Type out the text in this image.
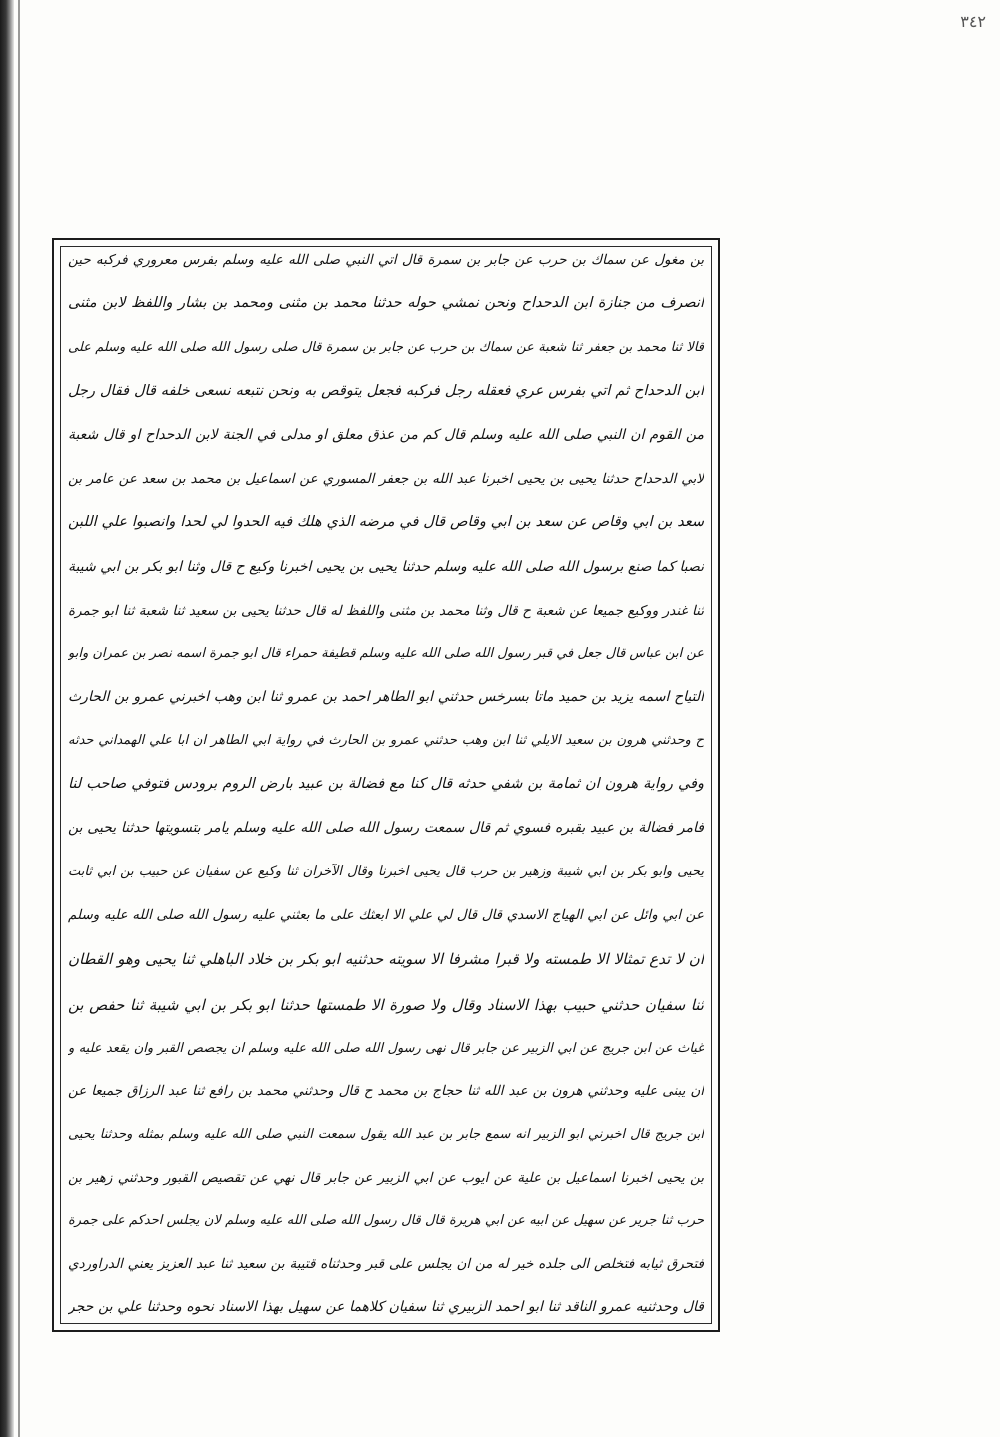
٣٤٢
بن مغول عن سماك بن حرب عن جابر بن سمرة قال اتي النبي صلى الله عليه وسلم بفرس معروري فركبه حين
انصرف من جنازة ابن الدحداح ونحن نمشي حوله حدثنا محمد بن مثنى ومحمد بن بشار واللفظ لابن مثنى
قالا ثنا محمد بن جعفر ثنا شعبة عن سماك بن حرب عن جابر بن سمرة قال صلى رسول الله صلى الله عليه وسلم على
ابن الدحداح ثم اتي بفرس عري فعقله رجل فركبه فجعل يتوقص به ونحن نتبعه نسعى خلفه قال فقال رجل
من القوم ان النبي صلى الله عليه وسلم قال كم من عذق معلق او مدلى في الجنة لابن الدحداح او قال شعبة
لابي الدحداح حدثنا يحيى بن يحيى اخبرنا عبد الله بن جعفر المسوري عن اسماعيل بن محمد بن سعد عن عامر بن
سعد بن ابي وقاص عن سعد بن ابي وقاص قال في مرضه الذي هلك فيه الحدوا لي لحدا وانصبوا علي اللبن
نصبا كما صنع برسول الله صلى الله عليه وسلم حدثنا يحيى بن يحيى اخبرنا وكيع ح قال وثنا ابو بكر بن ابي شيبة
ثنا غندر ووكيع جميعا عن شعبة ح قال وثنا محمد بن مثنى واللفظ له قال حدثنا يحيى بن سعيد ثنا شعبة ثنا ابو جمرة
عن ابن عباس قال جعل في قبر رسول الله صلى الله عليه وسلم قطيفة حمراء قال ابو جمرة اسمه نصر بن عمران وابو
التياح اسمه يزيد بن حميد ماتا بسرخس حدثني ابو الطاهر احمد بن عمرو ثنا ابن وهب اخبرني عمرو بن الحارث
ح وحدثني هرون بن سعيد الايلي ثنا ابن وهب حدثني عمرو بن الحارث في رواية ابي الطاهر ان ابا علي الهمداني حدثه
وفي رواية هرون ان ثمامة بن شفي حدثه قال كنا مع فضالة بن عبيد بارض الروم برودس فتوفي صاحب لنا
فامر فضالة بن عبيد بقبره فسوي ثم قال سمعت رسول الله صلى الله عليه وسلم يامر بتسويتها حدثنا يحيى بن
يحيى وابو بكر بن ابي شيبة وزهير بن حرب قال يحيى اخبرنا وقال الآخران ثنا وكيع عن سفيان عن حبيب بن ابي ثابت
عن ابي وائل عن ابي الهياج الاسدي قال قال لي علي الا ابعثك على ما بعثني عليه رسول الله صلى الله عليه وسلم
ان لا تدع تمثالا الا طمسته ولا قبرا مشرفا الا سويته حدثنيه ابو بكر بن خلاد الباهلي ثنا يحيى وهو القطان
ثنا سفيان حدثني حبيب بهذا الاسناد وقال ولا صورة الا طمستها حدثنا ابو بكر بن ابي شيبة ثنا حفص بن
غياث عن ابن جريج عن ابي الزبير عن جابر قال نهى رسول الله صلى الله عليه وسلم ان يجصص القبر وان يقعد عليه و
ان يبنى عليه وحدثني هرون بن عبد الله ثنا حجاج بن محمد ح قال وحدثني محمد بن رافع ثنا عبد الرزاق جميعا عن
ابن جريج قال اخبرني ابو الزبير انه سمع جابر بن عبد الله يقول سمعت النبي صلى الله عليه وسلم بمثله وحدثنا يحيى
بن يحيى اخبرنا اسماعيل بن علية عن ايوب عن ابي الزبير عن جابر قال نهي عن تقصيص القبور وحدثني زهير بن
حرب ثنا جرير عن سهيل عن ابيه عن ابي هريرة قال قال رسول الله صلى الله عليه وسلم لان يجلس احدكم على جمرة
فتحرق ثيابه فتخلص الى جلده خير له من ان يجلس على قبر وحدثناه قتيبة بن سعيد ثنا عبد العزيز يعني الدراوردي
قال وحدثنيه عمرو الناقد ثنا ابو احمد الزبيري ثنا سفيان كلاهما عن سهيل بهذا الاسناد نحوه وحدثنا علي بن حجر
